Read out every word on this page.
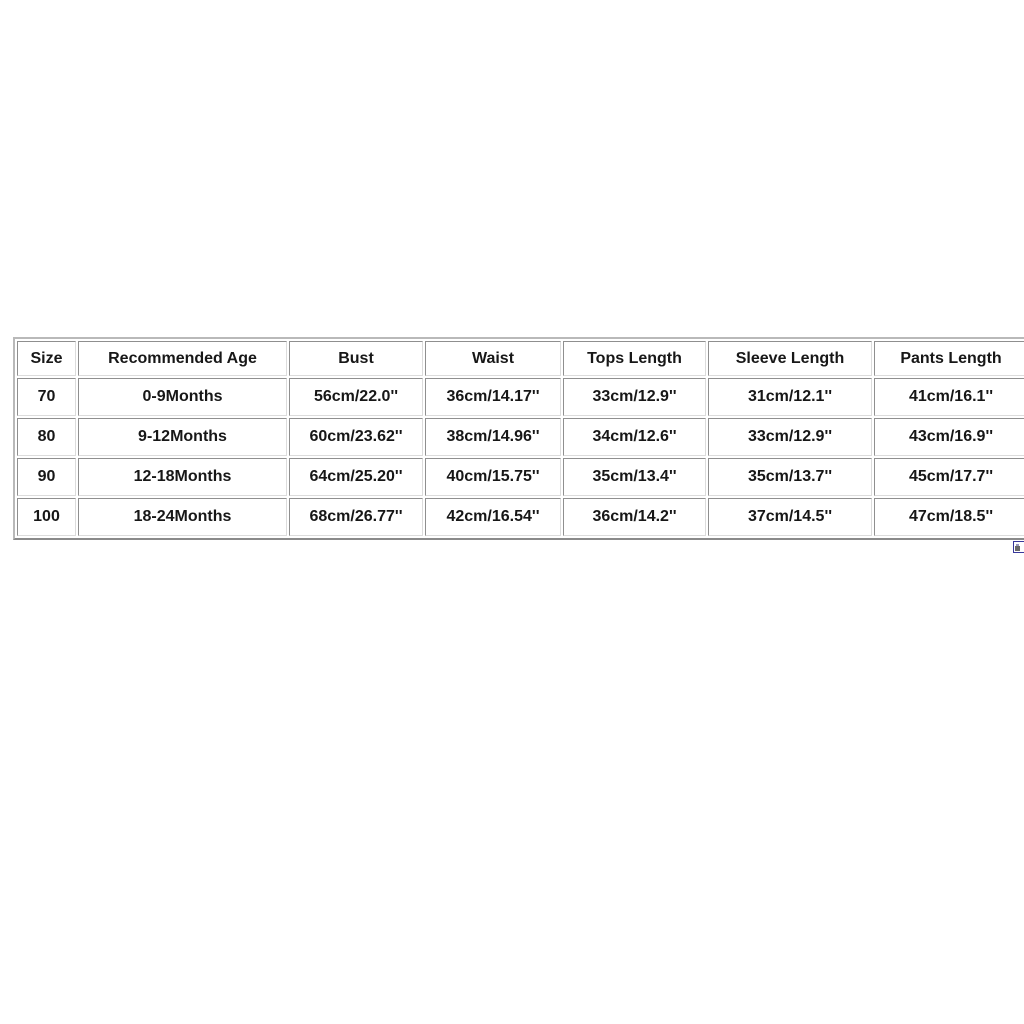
Size	Recommended Age	Bust	Waist	Tops Length	Sleeve Length	Pants Length
70	0-9Months	56cm/22.0''	36cm/14.17''	33cm/12.9''	31cm/12.1''	41cm/16.1''
80	9-12Months	60cm/23.62''	38cm/14.96''	34cm/12.6''	33cm/12.9''	43cm/16.9''
90	12-18Months	64cm/25.20''	40cm/15.75''	35cm/13.4''	35cm/13.7''	45cm/17.7''
100	18-24Months	68cm/26.77''	42cm/16.54''	36cm/14.2''	37cm/14.5''	47cm/18.5''
